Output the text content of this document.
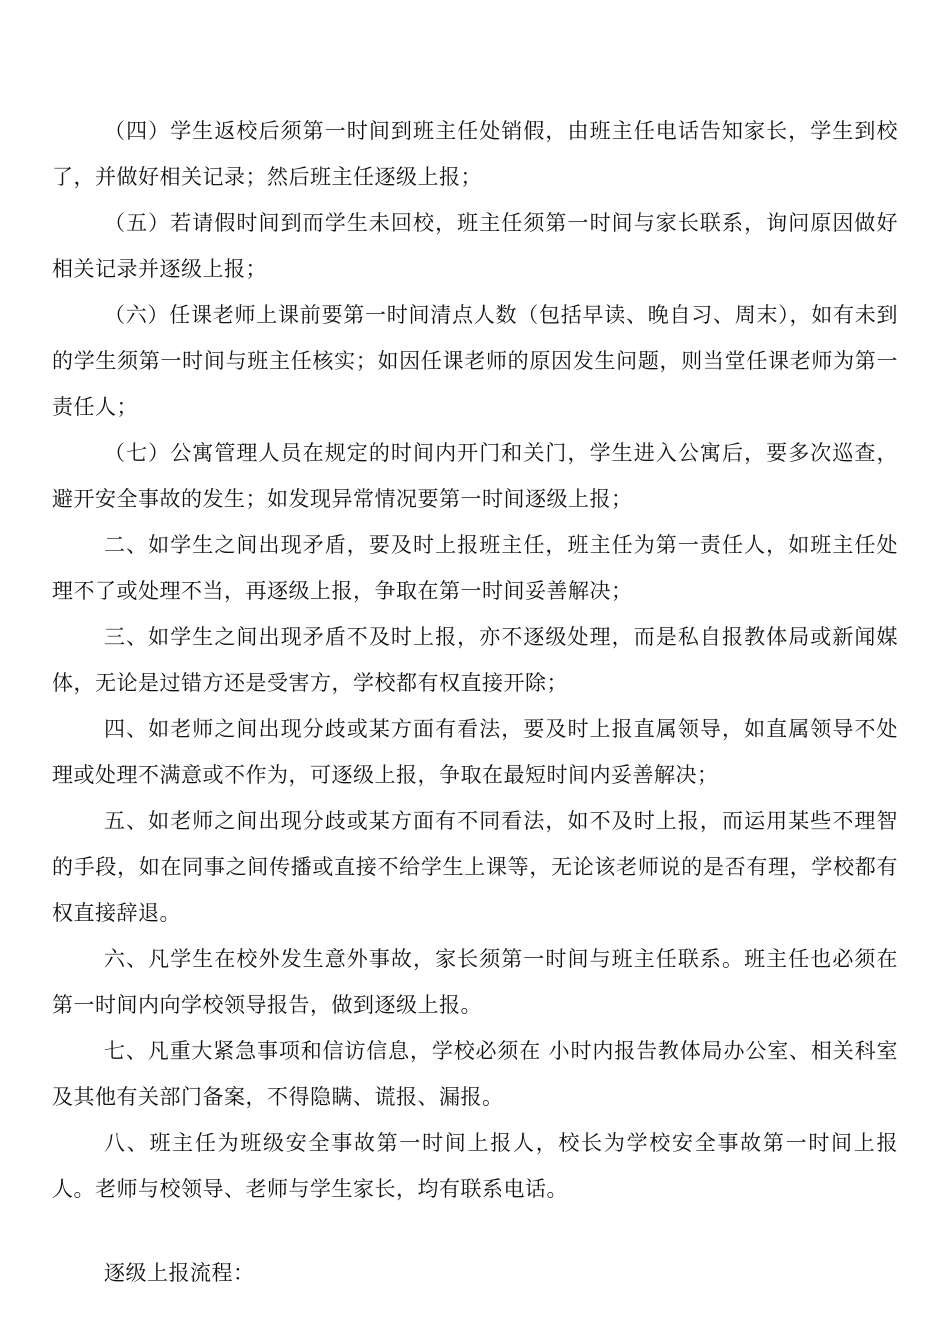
（四）学生返校后须第一时间到班主任处销假，由班主任电话告知家长，学生到校了，并做好相关记录；然后班主任逐级上报；

（五）若请假时间到而学生未回校，班主任须第一时间与家长联系，询问原因做好相关记录并逐级上报；

（六）任课老师上课前要第一时间清点人数（包括早读、晚自习、周末），如有未到的学生须第一时间与班主任核实；如因任课老师的原因发生问题，则当堂任课老师为第一责任人；

（七）公寓管理人员在规定的时间内开门和关门，学生进入公寓后，要多次巡查，避开安全事故的发生；如发现异常情况要第一时间逐级上报；

二、如学生之间出现矛盾，要及时上报班主任，班主任为第一责任人，如班主任处理不了或处理不当，再逐级上报，争取在第一时间妥善解决；

三、如学生之间出现矛盾不及时上报，亦不逐级处理，而是私自报教体局或新闻媒体，无论是过错方还是受害方，学校都有权直接开除；

四、如老师之间出现分歧或某方面有看法，要及时上报直属领导，如直属领导不处理或处理不满意或不作为，可逐级上报，争取在最短时间内妥善解决；

五、如老师之间出现分歧或某方面有不同看法，如不及时上报，而运用某些不理智的手段，如在同事之间传播或直接不给学生上课等，无论该老师说的是否有理，学校都有权直接辞退。

六、凡学生在校外发生意外事故，家长须第一时间与班主任联系。班主任也必须在第一时间内向学校领导报告，做到逐级上报。

七、凡重大紧急事项和信访信息，学校必须在 小时内报告教体局办公室、相关科室及其他有关部门备案，不得隐瞒、谎报、漏报。

八、班主任为班级安全事故第一时间上报人，校长为学校安全事故第一时间上报人。老师与校领导、老师与学生家长，均有联系电话。

逐级上报流程：
